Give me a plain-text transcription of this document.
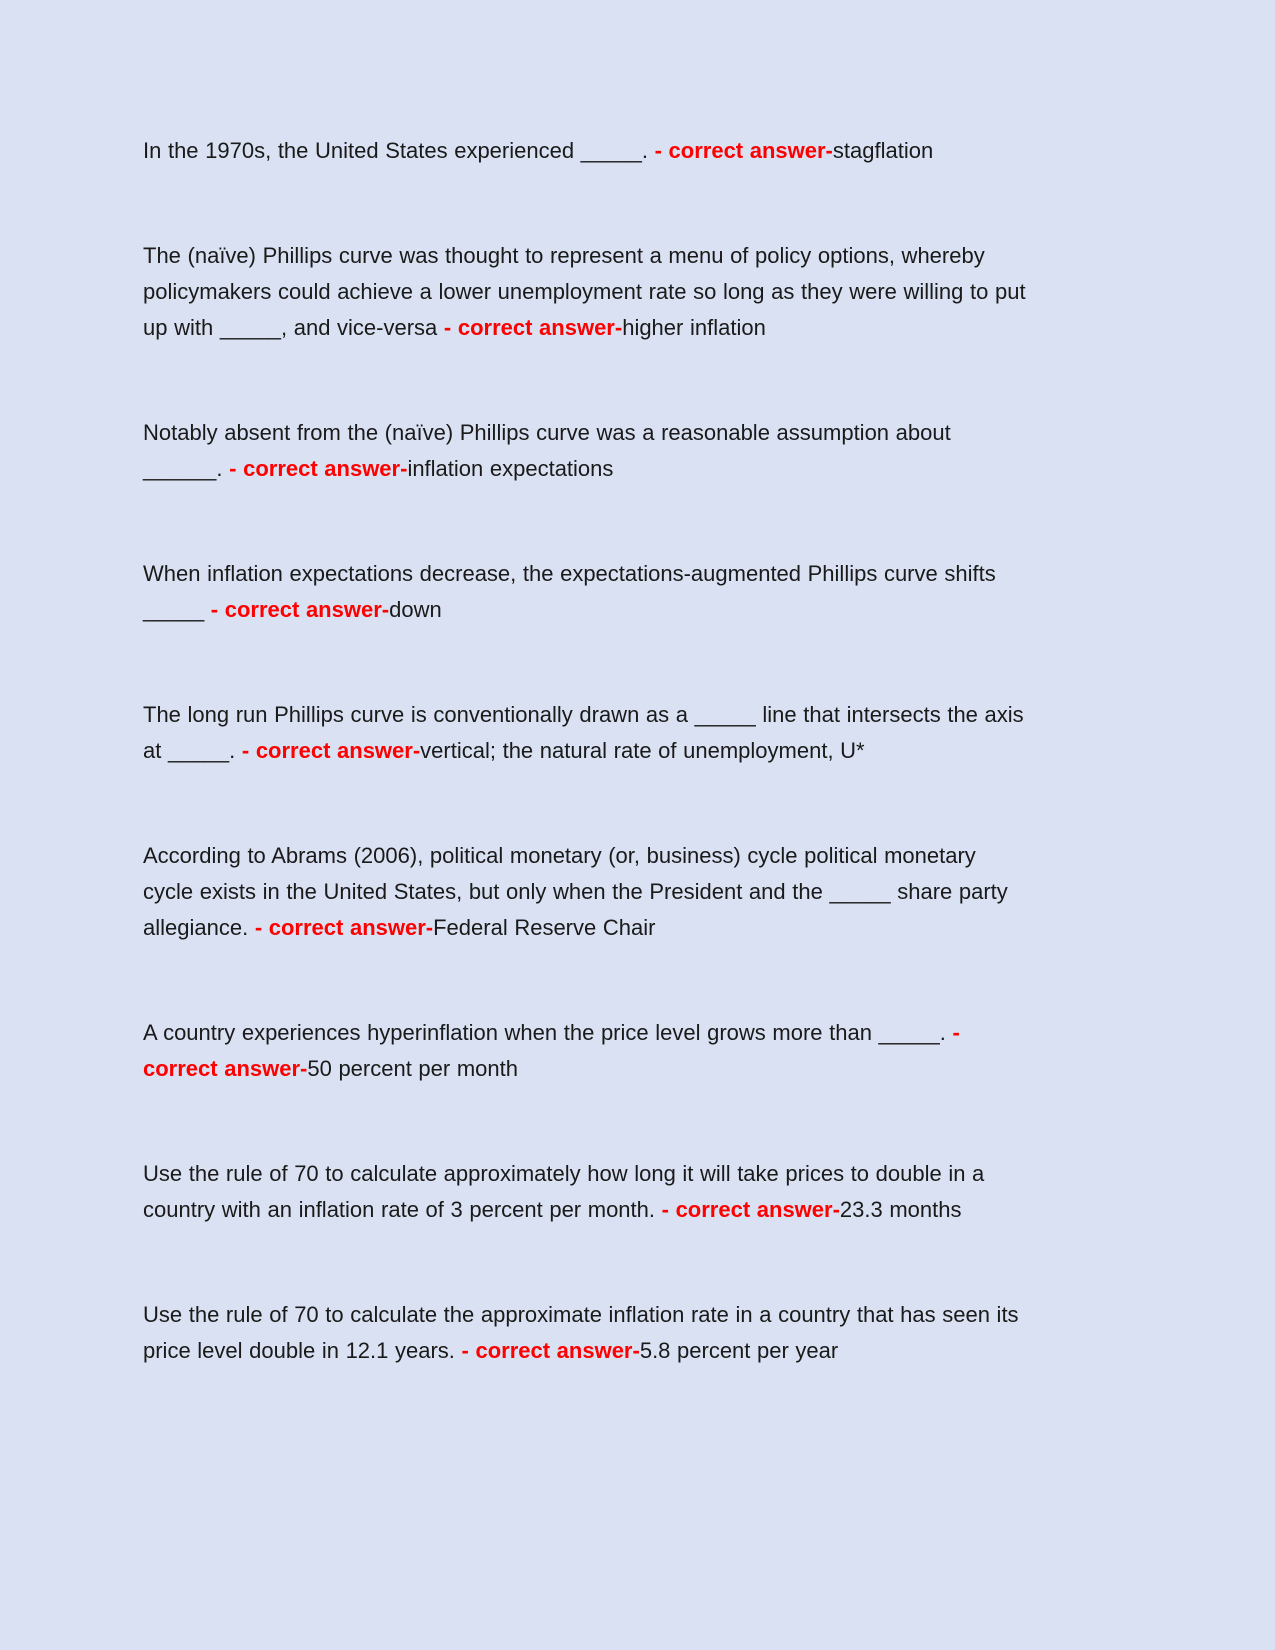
In the 1970s, the United States experienced _____. - correct answer-stagflation

The (naïve) Phillips curve was thought to represent a menu of policy options, whereby policymakers could achieve a lower unemployment rate so long as they were willing to put up with _____, and vice-versa - correct answer-higher inflation

Notably absent from the (naïve) Phillips curve was a reasonable assumption about ______. - correct answer-inflation expectations

When inflation expectations decrease, the expectations-augmented Phillips curve shifts _____ - correct answer-down

The long run Phillips curve is conventionally drawn as a _____ line that intersects the axis at _____. - correct answer-vertical; the natural rate of unemployment, U*

According to Abrams (2006), political monetary (or, business) cycle political monetary cycle exists in the United States, but only when the President and the _____ share party allegiance. - correct answer-Federal Reserve Chair

A country experiences hyperinflation when the price level grows more than _____. - correct answer-50 percent per month

Use the rule of 70 to calculate approximately how long it will take prices to double in a country with an inflation rate of 3 percent per month. - correct answer-23.3 months

Use the rule of 70 to calculate the approximate inflation rate in a country that has seen its price level double in 12.1 years. - correct answer-5.8 percent per year
